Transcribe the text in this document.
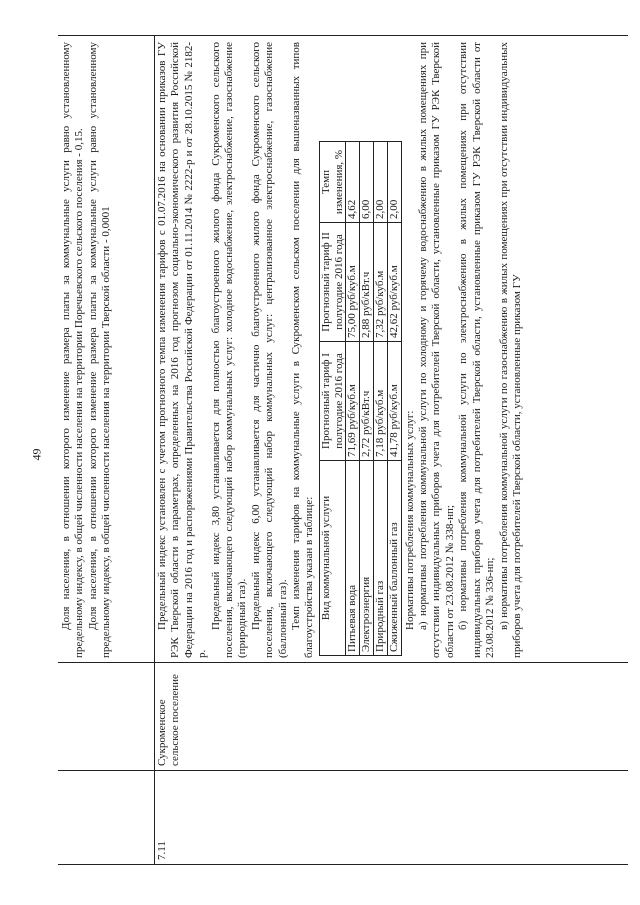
49 Доля населения, в отношении которого изменение размера платы за коммунальные услуги равно установленному предельному индексу, в общей численности населения на территории Поречьевского сельского поселения - 0,15. Доля населения, в отношении которого изменение размера платы за коммунальные услуги равно установленному предельному индексу, в общей численности населения на территории Тверской области - 0,0001

7.11

Сукроменское сельское поселение

Предельный индекс установлен с учетом прогнозного темпа изменения тарифов с 01.07.2016 на основании приказов ГУ РЭК Тверской области в параметрах, определенных на 2016 год прогнозом социально-экономического развития Российской Федерации на 2016 год и распоряжениями Правительства Российской Федерации от 01.11.2014 № 2222-р и от 28.10.2015 № 2182-р.

Предельный индекс 3,80 устанавливается для полностью благоустроенного жилого фонда Сукроменского сельского поселения, включающего следующий набор коммунальных услуг: холодное водоснабжение, электроснабжение, газоснабжение (природный газ). Предельный индекс 6,00 устанавливается для частично благоустроенного жилого фонда Сукроменского сельского поселения, включающего следующий набор коммунальных услуг: централизованное электроснабжение, газоснабжение (баллонный газ). Темп изменения тарифов на коммунальные услуги в Сукроменском сельском поселении для вышеназванных типов благоустройства указан в таблице: Вид коммунальной услуги	Прогнозный тариф I полугодие 2016 года	Прогнозный тариф II полугодие 2016 года	Темп изменения, %
Питьевая вода	71,69 руб/куб.м	75,00 руб/куб.м	4,62
Электроэнергия	2,72 руб/кВт.ч	2,88 руб/кВт.ч	6,00
Природный газ	7,18 руб/куб.м	7,32 руб/куб.м	2,00
Сжиженный баллонный газ	41,78 руб/куб.м	42,62 руб/куб.м	2,00

Нормативы потребления коммунальных услуг: а) нормативы потребления коммунальной услуги по холодному и горячему водоснабжению в жилых помещениях при отсутствии индивидуальных приборов учета для потребителей Тверской области, установленные приказом ГУ РЭК Тверской области от 23.08.2012 № 338-нп; б) нормативы потребления коммунальной услуги по электроснабжению в жилых помещениях при отсутствии индивидуальных приборов учета для потребителей Тверской области, установленные приказом ГУ РЭК Тверской области от 23.08.2012 № 336-нп; в) нормативы потребления коммунальной услуги по газоснабжению в жилых помещениях при отсутствии индивидуальных приборов учета для потребителей Тверской области, установленные приказом ГУ
